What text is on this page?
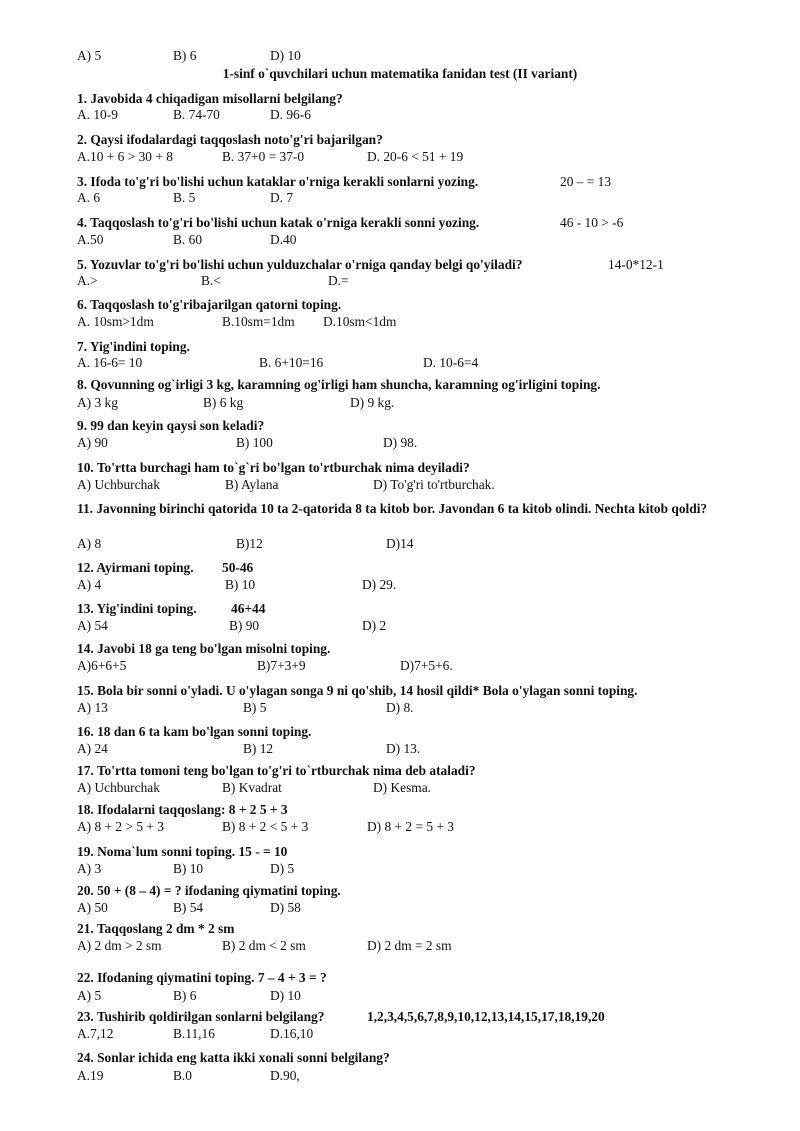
A) 5	B) 6	D) 10
1-sinf o`quvchilari uchun matematika fanidan test (II variant)
1. Javobida 4 chiqadigan misollarni belgilang?
A. 10-9	B. 74-70	D. 96-6
2. Qaysi ifodalardagi taqqoslash noto'g'ri bajarilgan?
A.10 + 6 > 30 + 8	B. 37+0 = 37-0	D. 20-6 < 51 + 19
3. Ifoda to'g'ri bo'lishi uchun kataklar o'rniga kerakli sonlarni yozing.	20 – = 13
A. 6	B. 5	D. 7
4. Taqqoslash to'g'ri bo'lishi uchun katak o'rniga kerakli sonni yozing.	46 - 10 > -6
A.50	B. 60	D.40
5. Yozuvlar to'g'ri bo'lishi uchun yulduzchalar o'rniga qanday belgi qo'yiladi?	14-0*12-1
A.>	B.<	D.=
6. Taqqoslash to'g'ribajarilgan qatorni toping.
A. 10sm>1dm	B.10sm=1dm D.10sm<1dm
7. Yig'indini toping.
A. 16-6= 10	B. 6+10=16	D. 10-6=4
8. Qovunning og`irligi 3 kg, karamning og'irligi ham shuncha, karamning og'irligini toping.
A) 3 kg	B) 6 kg	D) 9 kg.
9. 99 dan keyin qaysi son keladi?
A) 90	B) 100	D) 98.
10. To'rtta burchagi ham to`g`ri bo'lgan to'rtburchak nima deyiladi?
A) Uchburchak	B) Aylana	D) To'g'ri to'rtburchak.
11. Javonning birinchi qatorida 10 ta 2-qatorida 8 ta kitob bor. Javondan 6 ta kitob olindi. Nechta kitob qoldi?
A) 8	B)12	D)14
12. Ayirmani toping. 50-46
A) 4	B) 10	D) 29.
13. Yig'indini toping.	46+44
A) 54	B) 90	D) 2
14. Javobi 18 ga teng bo'lgan misolni toping.
A)6+6+5	B)7+3+9	D)7+5+6.
15. Bola bir sonni o'yladi. U o'ylagan songa 9 ni qo'shib, 14 hosil qildi* Bola o'ylagan sonni toping.
A) 13	B) 5	D) 8.
16. 18 dan 6 ta kam bo'lgan sonni toping.
A) 24	B) 12	D) 13.
17. To'rtta tomoni teng bo'lgan to'g'ri to`rtburchak nima deb ataladi?
A) Uchburchak	B) Kvadrat	D) Kesma.
18. Ifodalarni taqqoslang: 8 + 2 5 + 3
A) 8 + 2 > 5 + 3	B) 8 + 2 < 5 + 3	D) 8 + 2 = 5 + 3
19. Noma`lum sonni toping. 15 - = 10
A) 3	B) 10	D) 5
20. 50 + (8 – 4) = ? ifodaning qiymatini toping.
A) 50	B) 54	D) 58
21. Taqqoslang 2 dm * 2 sm
A) 2 dm > 2 sm	B) 2 dm < 2 sm	D) 2 dm = 2 sm
22. Ifodaning qiymatini toping. 7 – 4 + 3 = ?
A) 5	B) 6	D) 10
23. Tushirib qoldirilgan sonlarni belgilang?	1,2,3,4,5,6,7,8,9,10,12,13,14,15,17,18,19,20
A.7,12	B.11,16	D.16,10
24. Sonlar ichida eng katta ikki xonali sonni belgilang?
A.19	B.0	D.90,
